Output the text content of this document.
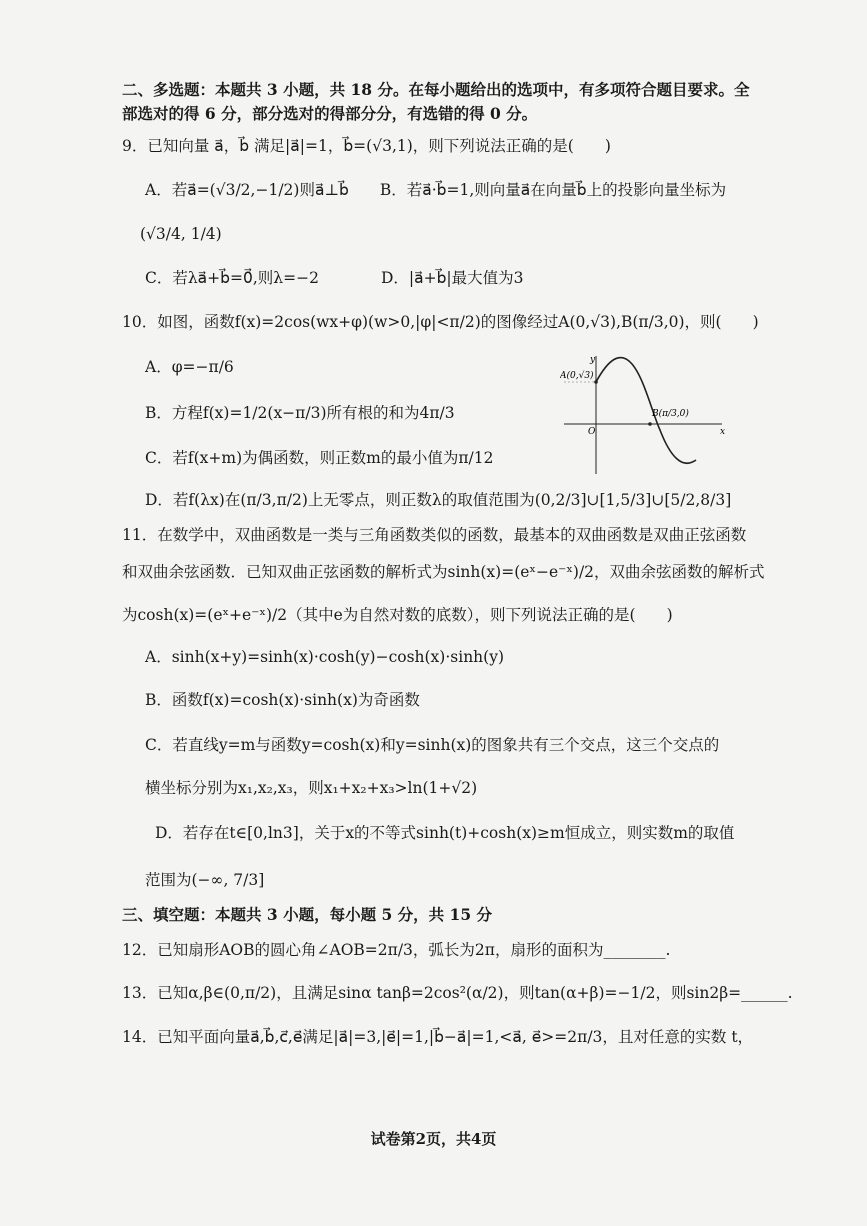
二、多选题：本题共 3 小题，共 18 分。在每小题给出的选项中，有多项符合题目要求。全
部选对的得 6 分，部分选对的得部分分，有选错的得 0 分。
9．已知向量 a⃗，b⃗ 满足|a⃗|=1，b⃗=(√3,1)，则下列说法正确的是(　　)
A．若a⃗=(√3/2,−1/2)则a⃗⊥b⃗　　B．若a⃗·b⃗=1,则向量a⃗在向量b⃗上的投影向量坐标为
(√3/4, 1/4)
C．若λa⃗+b⃗=0⃗,则λ=−2　　　　D．|a⃗+b⃗|最大值为3
10．如图，函数f(x)=2cos(wx+φ)(w>0,|φ|<π/2)的图像经过A(0,√3),B(π/3,0)，则(　　)
A．φ=−π/6
B．方程f(x)=1/2(x−π/3)所有根的和为4π/3
C．若f(x+m)为偶函数，则正数m的最小值为π/12
D．若f(λx)在(π/3,π/2)上无零点，则正数λ的取值范围为(0,2/3]∪[1,5/3]∪[5/2,8/3]
A(0,√3)
B(π/3,0)
O	x
y
11．在数学中，双曲函数是一类与三角函数类似的函数，最基本的双曲函数是双曲正弦函数
和双曲余弦函数．已知双曲正弦函数的解析式为sinh(x)=(eˣ−e⁻ˣ)/2，双曲余弦函数的解析式
为cosh(x)=(eˣ+e⁻ˣ)/2（其中e为自然对数的底数），则下列说法正确的是(　　)
A．sinh(x+y)=sinh(x)·cosh(y)−cosh(x)·sinh(y)
B．函数f(x)=cosh(x)·sinh(x)为奇函数
C．若直线y=m与函数y=cosh(x)和y=sinh(x)的图象共有三个交点，这三个交点的
横坐标分别为x₁,x₂,x₃，则x₁+x₂+x₃>ln(1+√2)
D．若存在t∈[0,ln3]，关于x的不等式sinh(t)+cosh(x)≥m恒成立，则实数m的取值
范围为(−∞, 7/3]
三、填空题：本题共 3 小题，每小题 5 分，共 15 分
12．已知扇形AOB的圆心角∠AOB=2π/3，弧长为2π，扇形的面积为________.
13．已知α,β∈(0,π/2)，且满足sinα tanβ=2cos²(α/2)，则tan(α+β)=−1/2，则sin2β=______.
14．已知平面向量a⃗,b⃗,c⃗,e⃗满足|a⃗|=3,|e⃗|=1,|b⃗−a⃗|=1,<a⃗, e⃗>=2π/3，且对任意的实数 t，
试卷第2页，共4页
